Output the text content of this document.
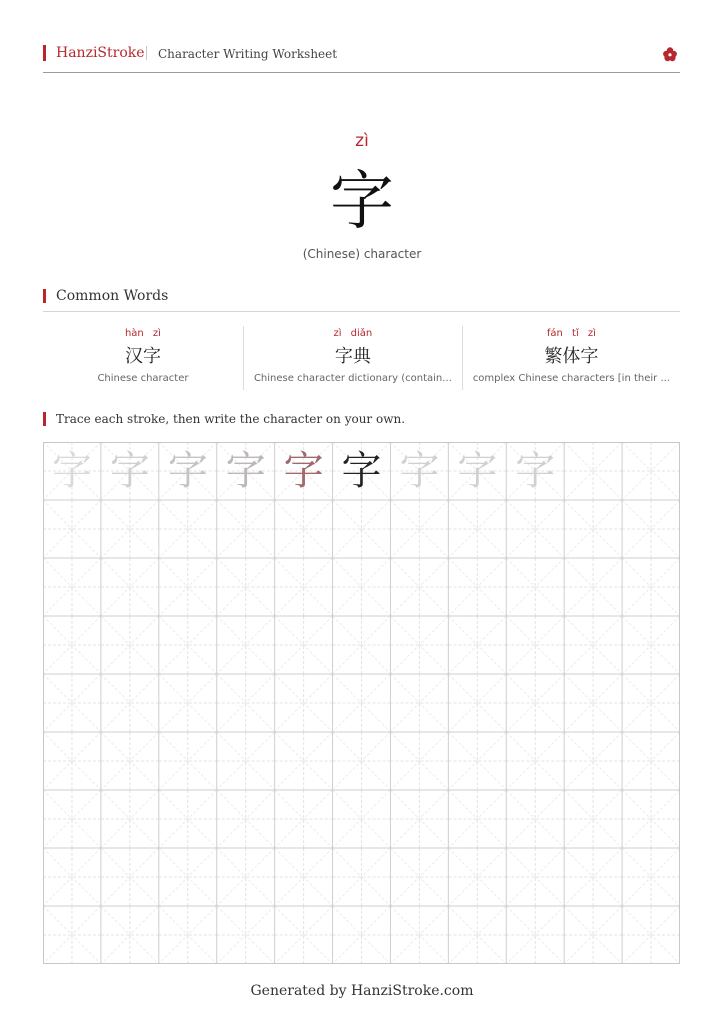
HanziStroke Character Writing Worksheet
zì
字
(Chinese) character
Common Words
hàn zì
汉字
Chinese character
zì diǎn
字典
Chinese character dictionary (contain...
fán tǐ zì
繁体字
complex Chinese characters [in their ...
Trace each stroke, then write the character on your own.
字 字 字 字 字 字 字 字 字
Generated by HanziStroke.com
